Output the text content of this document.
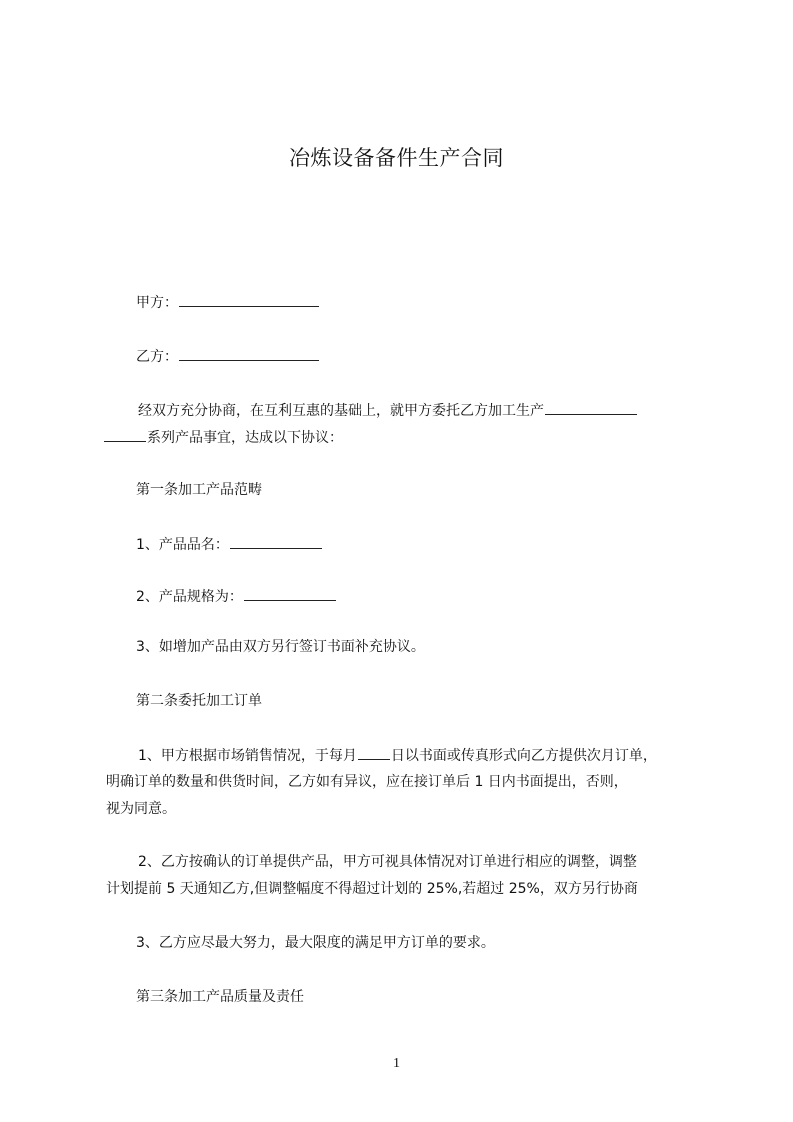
冶炼设备备件生产合同
甲方：
乙方：
经双方充分协商，在互利互惠的基础上，就甲方委托乙方加工生产
系列产品事宜，达成以下协议：
第一条加工产品范畴
1、产品品名：
2、产品规格为：
3、如增加产品由双方另行签订书面补充协议。
第二条委托加工订单
1、甲方根据市场销售情况，于每月 日以书面或传真形式向乙方提供次月订单，
明确订单的数量和供货时间，乙方如有异议，应在接订单后 1 日内书面提出，否则，
视为同意。
2、乙方按确认的订单提供产品，甲方可视具体情况对订单进行相应的调整，调整
计划提前 5 天通知乙方,但调整幅度不得超过计划的 25%,若超过 25%，双方另行协商
3、乙方应尽最大努力，最大限度的满足甲方订单的要求。
第三条加工产品质量及责任
1
